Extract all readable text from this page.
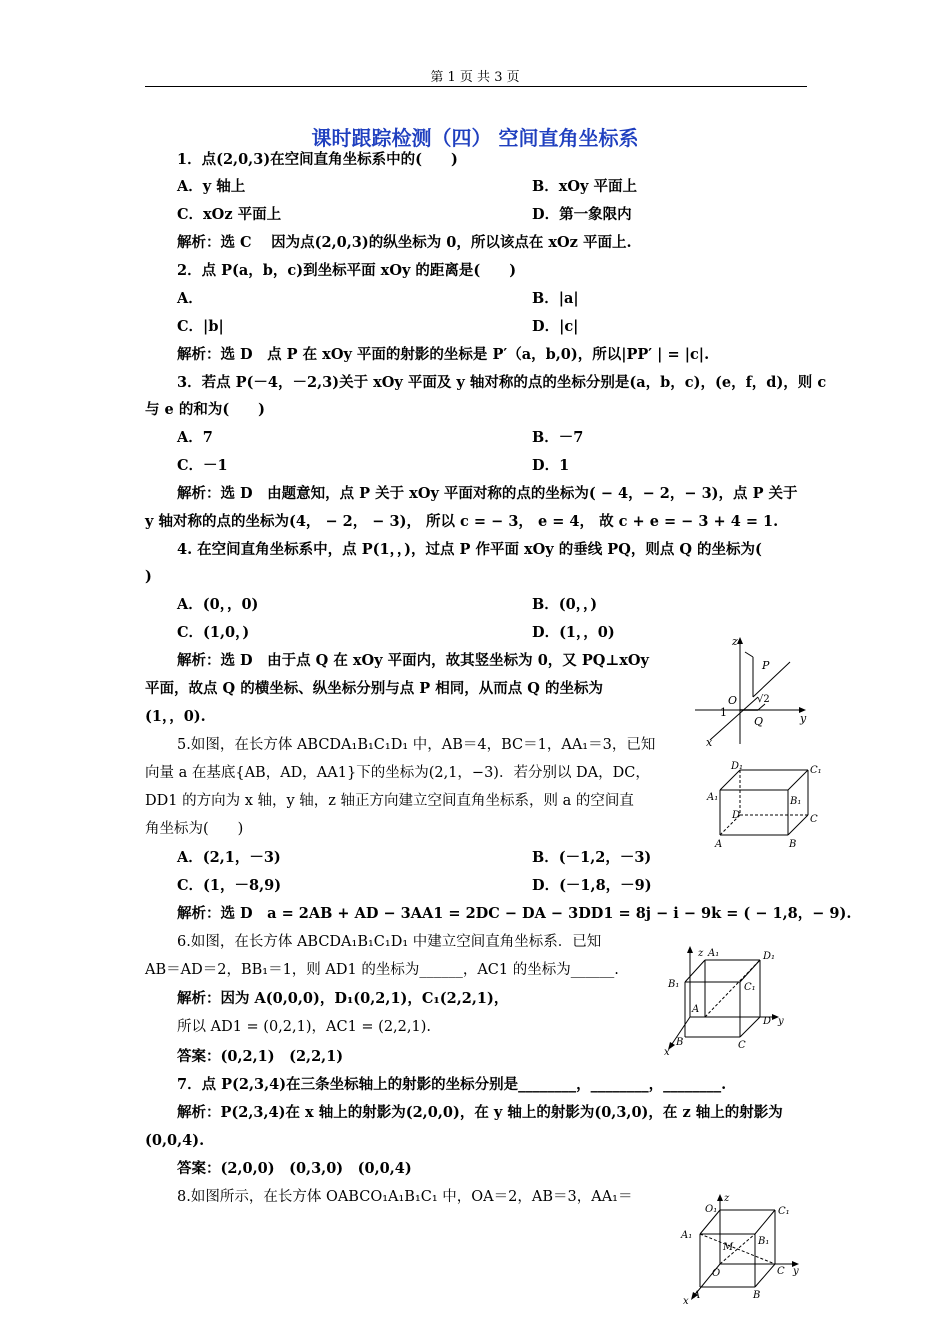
第 1 页 共 3 页
课时跟踪检测（四） 空间直角坐标系
1．点(2,0,3)在空间直角坐标系中的(　　)
A．y 轴上	B．xOy 平面上
C．xOz 平面上	D．第一象限内
解析：选 C　 因为点(2,0,3)的纵坐标为 0，所以该点在 xOz 平面上.
2．点 P(a，b，c)到坐标平面 xOy 的距离是(　　)
A．	B．|a|
C．|b|	D．|c|
解析：选 D　点 P 在 xOy 平面的射影的坐标是 P′（a，b,0)，所以|PP′ | = |c|.
3．若点 P(－4，－2,3)关于 xOy 平面及 y 轴对称的点的坐标分别是(a，b，c)，(e，f，d)，则 c
与 e 的和为(　　)
A．7	B．－7
C．－1	D．1
解析：选 D　由题意知，点 P 关于 xOy 平面对称的点的坐标为( − 4，− 2，− 3)，点 P 关于
y 轴对称的点的坐标为(4， − 2， − 3)， 所以 c = − 3， e = 4， 故 c + e = − 3 + 4 = 1.
4. 在空间直角坐标系中，点 P(1，，)，过点 P 作平面 xOy 的垂线 PQ，则点 Q 的坐标为(
)
A．(0，，0)	B．(0，，)
C．(1,0，)	D．(1，，0)
解析：选 D　由于点 Q 在 xOy 平面内，故其竖坐标为 0，又 PQ⊥xOy
平面，故点 Q 的横坐标、纵坐标分别与点 P 相同，从而点 Q 的坐标为
(1，，0).
5.如图，在长方体 ABCDA₁B₁C₁D₁ 中，AB＝4，BC＝1，AA₁＝3，已知
向量 a 在基底{AB，AD，AA1}下的坐标为(2,1，−3)．若分别以 DA，DC，
DD1 的方向为 x 轴，y 轴，z 轴正方向建立空间直角坐标系，则 a 的空间直
角坐标为(　　)
A．(2,1，－3)	B．(－1,2，－3)
C．(1，－8,9)	D．(－1,8，－9)
解析：选 D　a = 2AB + AD − 3AA1 = 2DC − DA − 3DD1 = 8j − i − 9k = ( − 1,8，− 9).
6.如图，在长方体 ABCDA₁B₁C₁D₁ 中建立空间直角坐标系．已知
AB＝AD＝2，BB₁＝1，则 AD1 的坐标为______，AC1 的坐标为______.
解析：因为 A(0,0,0)，D₁(0,2,1)，C₁(2,2,1)，
所以 AD1 = (0,2,1)，AC1 = (2,2,1).
答案：(0,2,1)　(2,2,1)
7．点 P(2,3,4)在三条坐标轴上的射影的坐标分别是________，________，________.
解析：P(2,3,4)在 x 轴上的射影为(2,0,0)，在 y 轴上的射影为(0,3,0)，在 z 轴上的射影为
(0,0,4).
答案：(2,0,0)　(0,3,0)　(0,0,4)
8.如图所示，在长方体 OABCO₁A₁B₁C₁ 中，OA＝2，AB＝3，AA₁＝
z
P
O
1
√2
Q	y
x
D₁	C₁
A₁	B₁
D	C
A	B
z A₁	D₁
B₁	C₁
A
D y
B	C
x
z
O₁	C₁
A₁
B₁
M
O	C y
A	B
x
